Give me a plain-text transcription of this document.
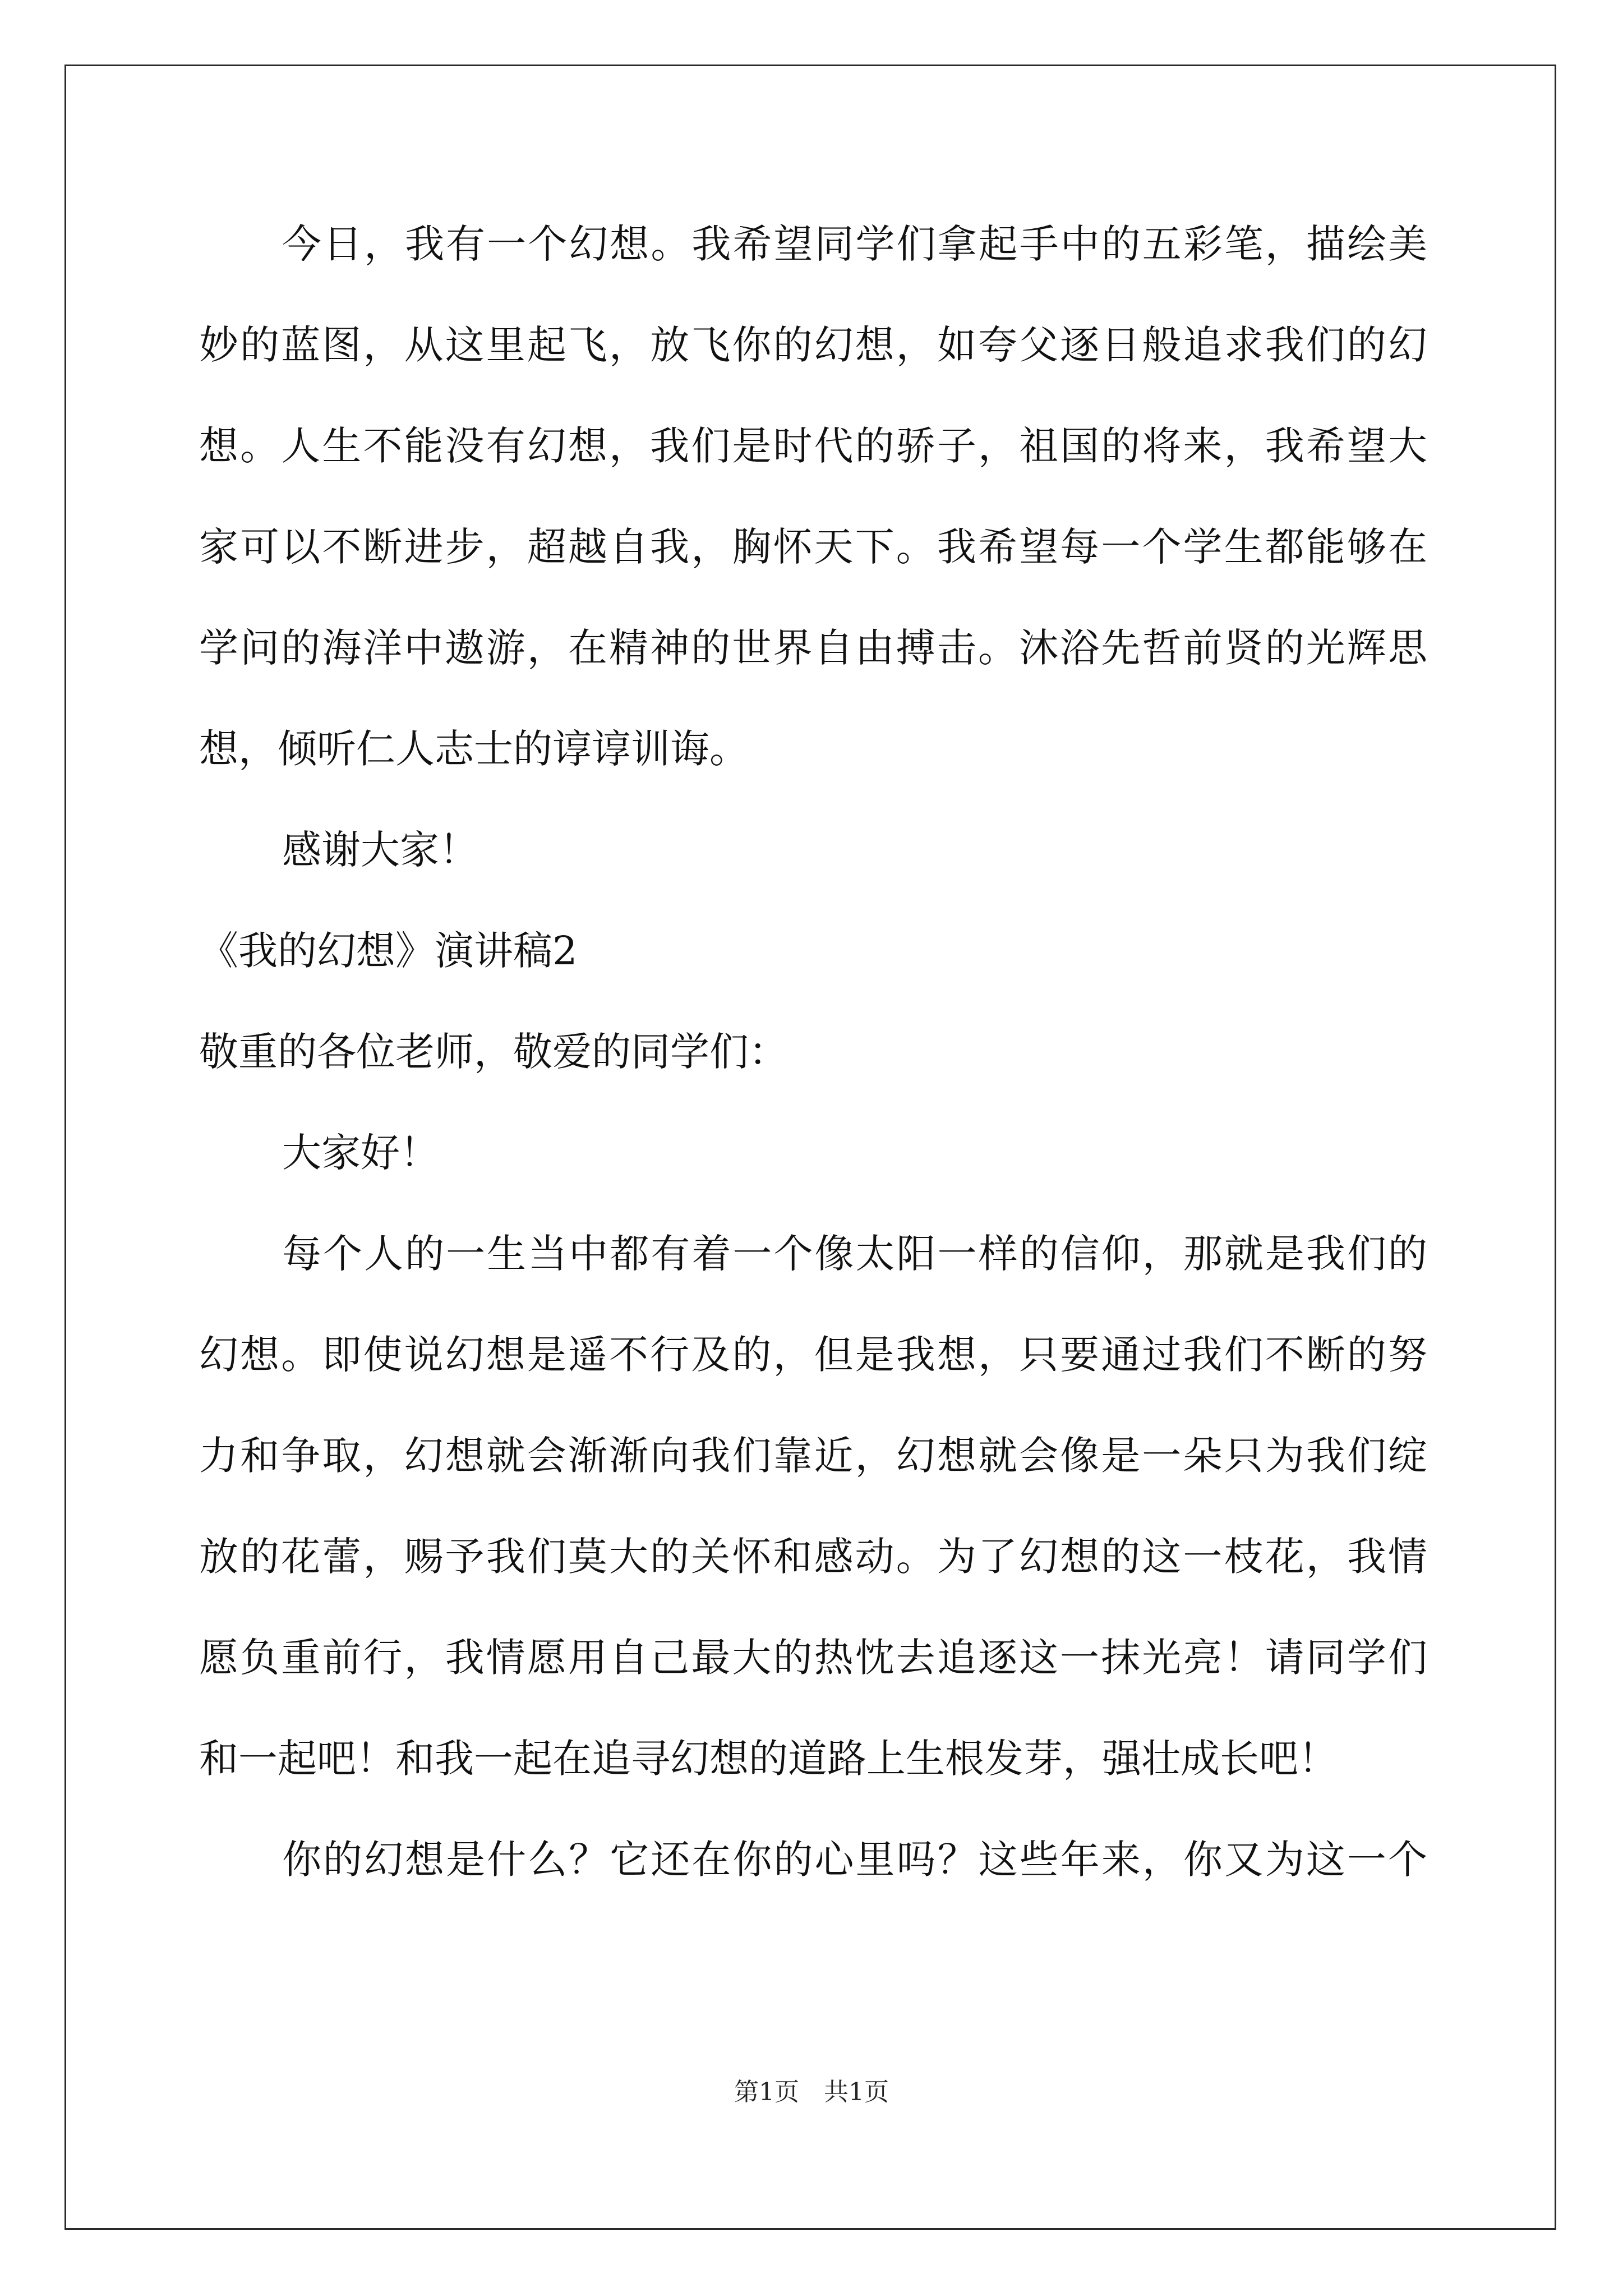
今日，我有一个幻想。我希望同学们拿起手中的五彩笔，描绘美
妙的蓝图，从这里起飞，放飞你的幻想，如夸父逐日般追求我们的幻
想。人生不能没有幻想，我们是时代的骄子，祖国的将来，我希望大
家可以不断进步，超越自我，胸怀天下。我希望每一个学生都能够在
学问的海洋中遨游，在精神的世界自由搏击。沐浴先哲前贤的光辉思
想，倾听仁人志士的谆谆训诲。
感谢大家！
《我的幻想》演讲稿2
敬重的各位老师，敬爱的同学们：
大家好！
每个人的一生当中都有着一个像太阳一样的信仰，那就是我们的
幻想。即使说幻想是遥不行及的，但是我想，只要通过我们不断的努
力和争取，幻想就会渐渐向我们靠近，幻想就会像是一朵只为我们绽
放的花蕾，赐予我们莫大的关怀和感动。为了幻想的这一枝花，我情
愿负重前行，我情愿用自己最大的热忱去追逐这一抹光亮！请同学们
和一起吧！和我一起在追寻幻想的道路上生根发芽，强壮成长吧！
你的幻想是什么？它还在你的心里吗？这些年来，你又为这一个
第1页　共1页
